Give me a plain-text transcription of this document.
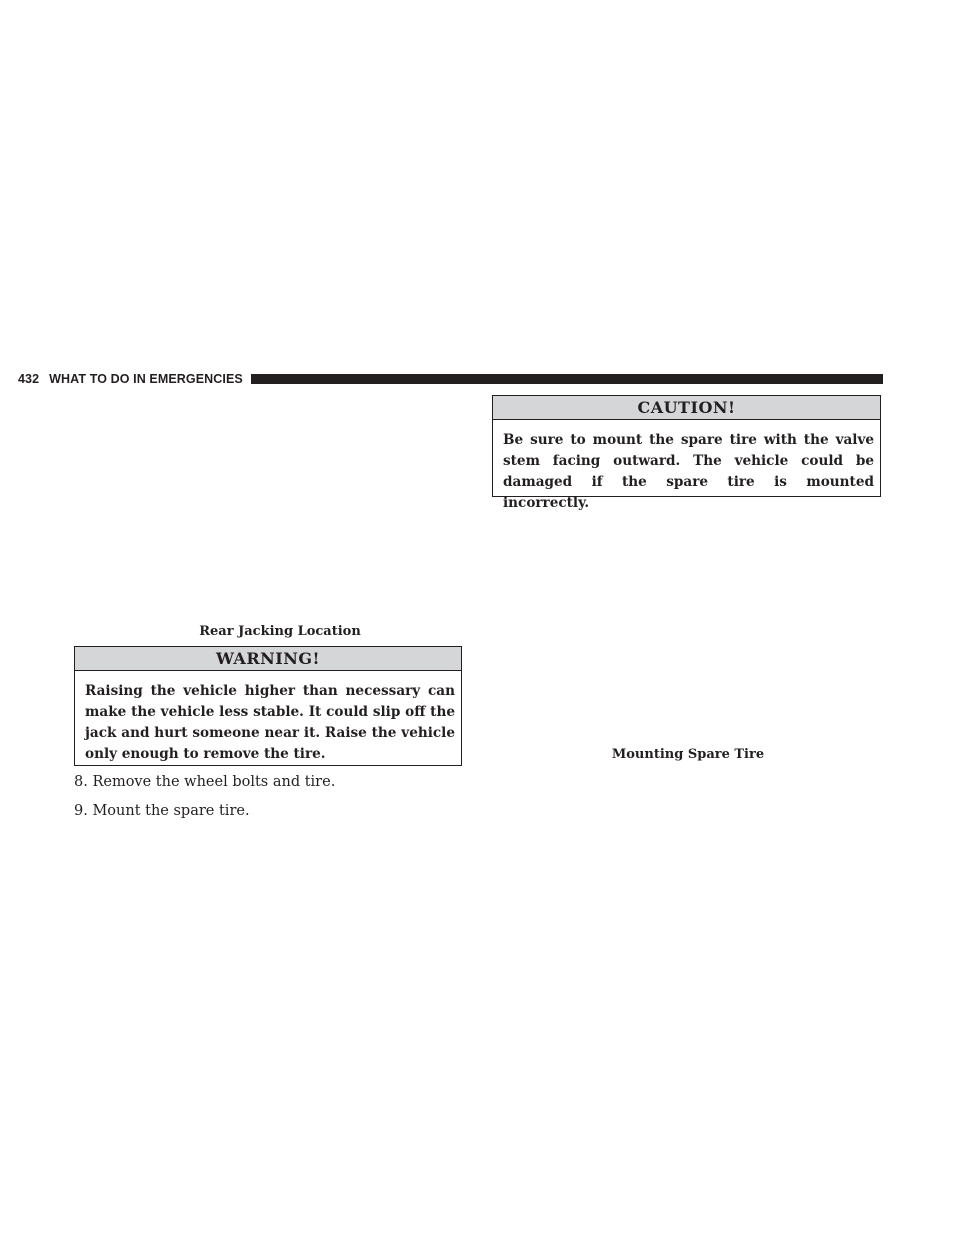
432 WHAT TO DO IN EMERGENCIES
Rear Jacking Location
WARNING!
Raising the vehicle higher than necessary can make the vehicle less stable. It could slip off the jack and hurt someone near it. Raise the vehicle only enough to remove the tire.
8. Remove the wheel bolts and tire.
9. Mount the spare tire.
CAUTION!
Be sure to mount the spare tire with the valve stem facing outward. The vehicle could be damaged if the spare tire is mounted incorrectly.
Mounting Spare Tire
